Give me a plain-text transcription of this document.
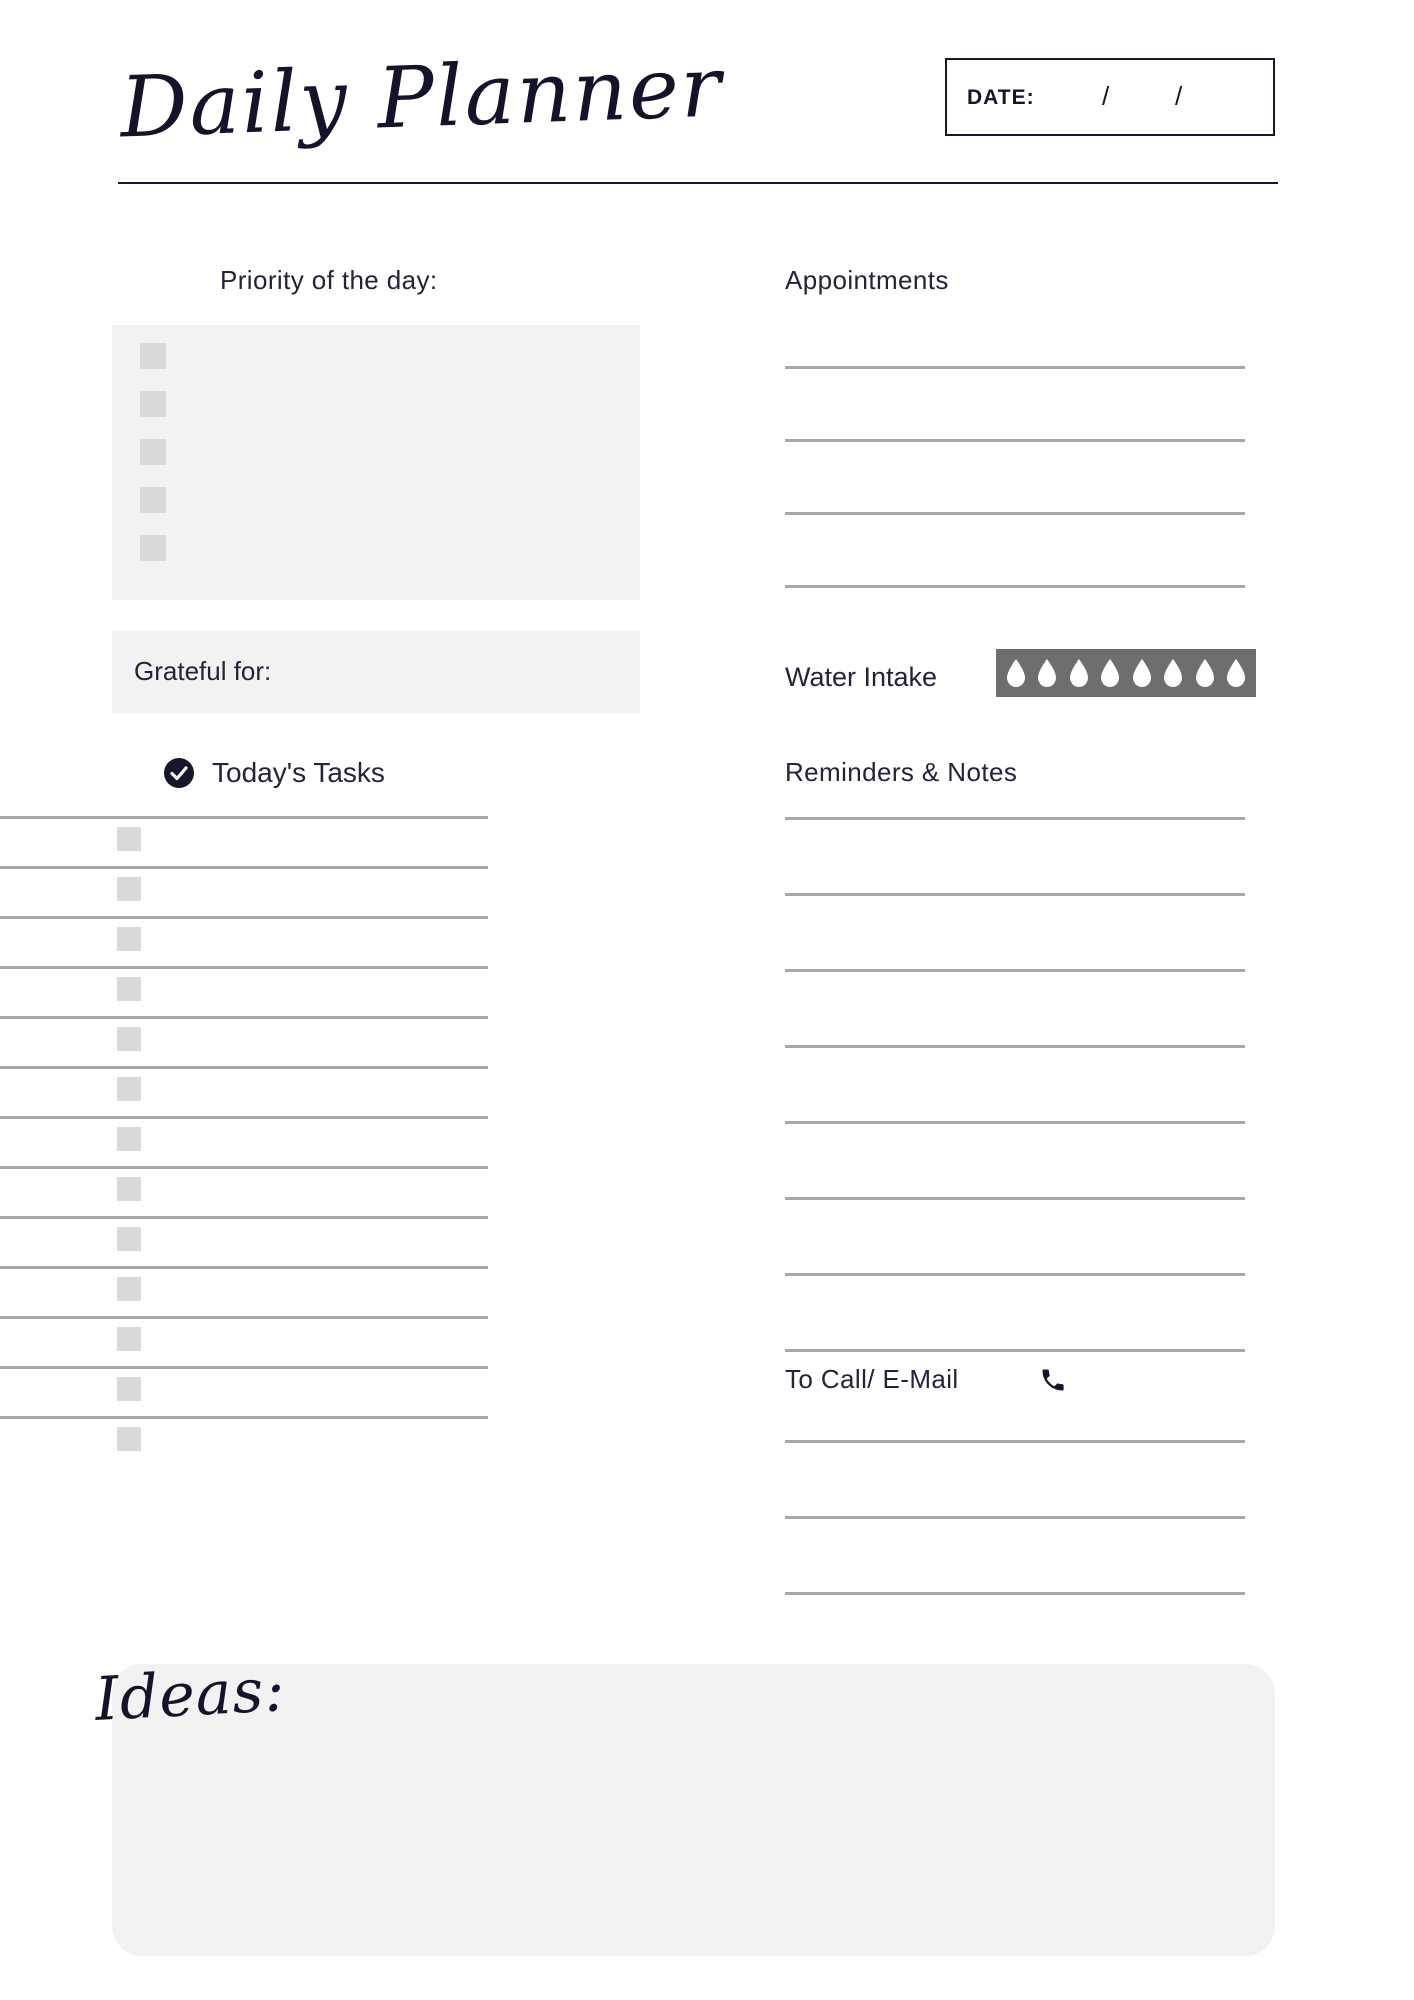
Daily Planner	DATE:	/	/
Priority of the day:
Grateful for:
Today's Tasks
Appointments
Water Intake
Reminders & Notes
To Call/ E-Mail
Ideas:
